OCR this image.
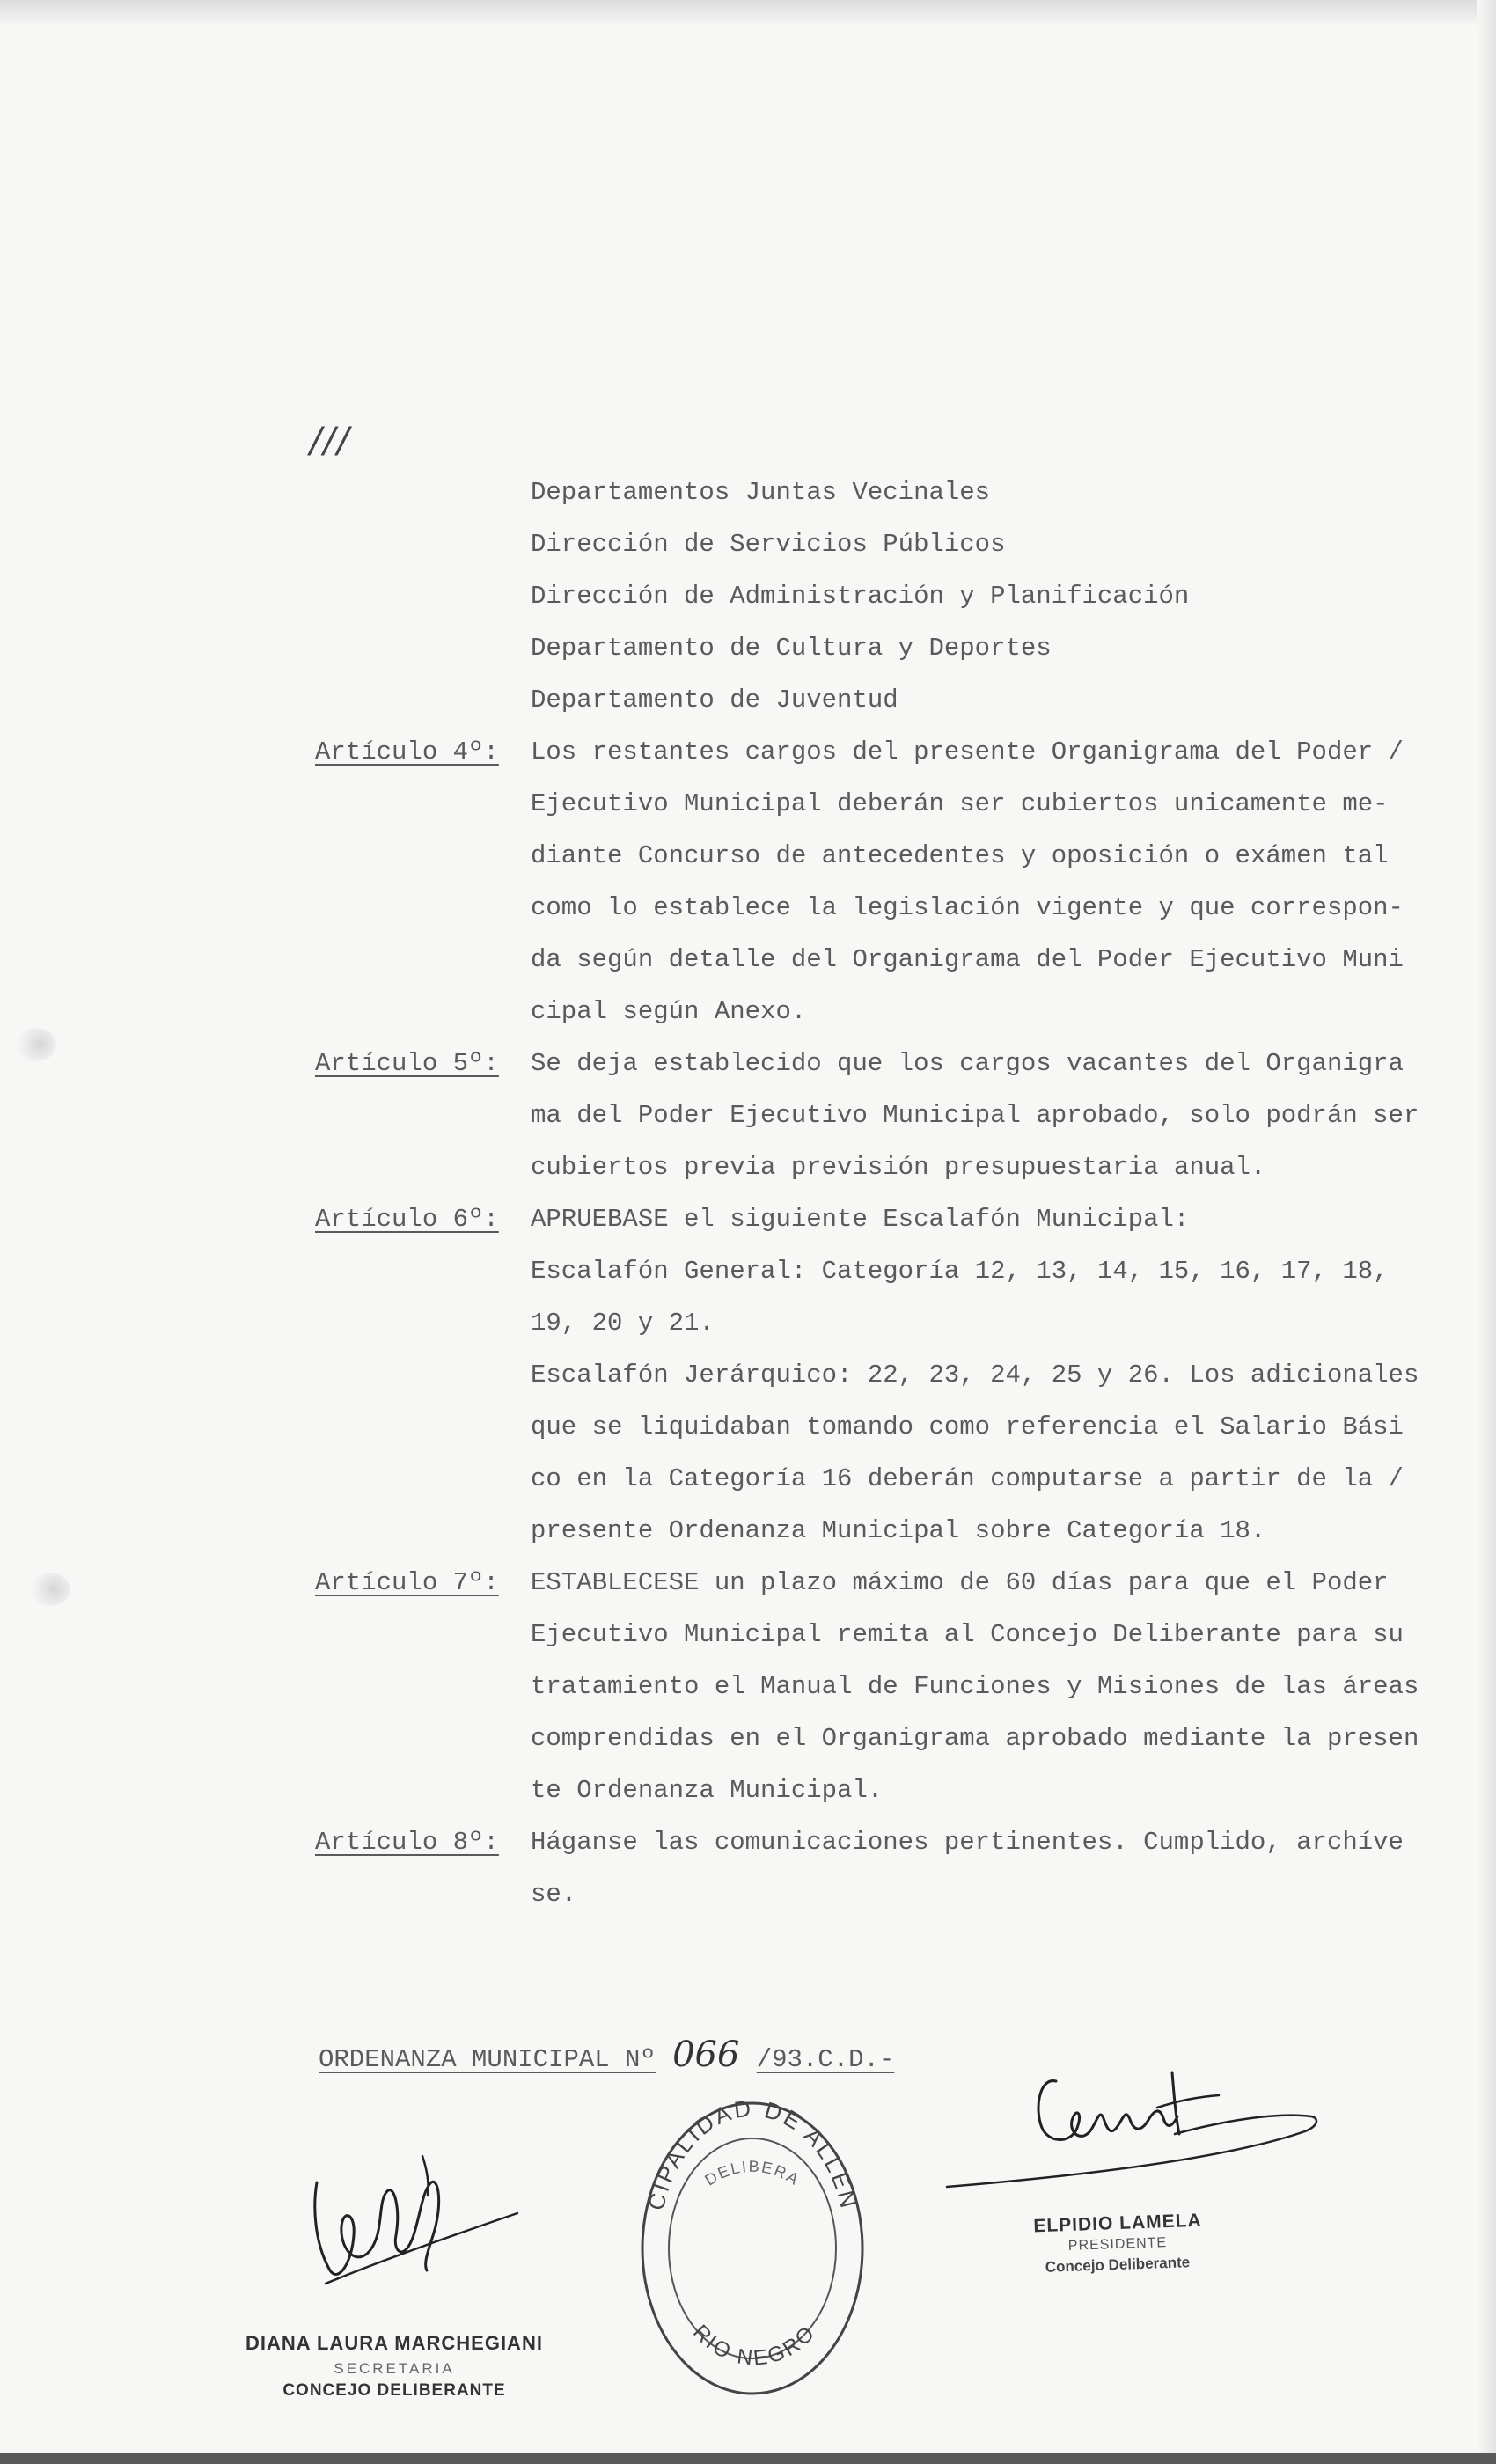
///
Departamentos Juntas Vecinales
Dirección de Servicios Públicos
Dirección de Administración y Planificación
Departamento de Cultura y Deportes
Departamento de Juventud
Artículo 4º:	Los restantes cargos del presente Organigrama del Poder /
Ejecutivo Municipal deberán ser cubiertos unicamente me-
diante Concurso de antecedentes y oposición o exámen tal
como lo establece la legislación vigente y que correspon-
da según detalle del Organigrama del Poder Ejecutivo Muni
cipal según Anexo.
Artículo 5º:	Se deja establecido que los cargos vacantes del Organigra
ma del Poder Ejecutivo Municipal aprobado, solo podrán ser
cubiertos previa previsión presupuestaria anual.
Artículo 6º:	APRUEBASE el siguiente Escalafón Municipal:
Escalafón General: Categoría 12, 13, 14, 15, 16, 17, 18,
19, 20 y 21.
Escalafón Jerárquico: 22, 23, 24, 25 y 26. Los adicionales
que se liquidaban tomando como referencia el Salario Bási
co en la Categoría 16 deberán computarse a partir de la /
presente Ordenanza Municipal sobre Categoría 18.
Artículo 7º:	ESTABLECESE un plazo máximo de 60 días para que el Poder
Ejecutivo Municipal remita al Concejo Deliberante para su
tratamiento el Manual de Funciones y Misiones de las áreas
comprendidas en el Organigrama aprobado mediante la presen
te Ordenanza Municipal.
Artículo 8º:	Háganse las comunicaciones pertinentes. Cumplido, archívе
se.
ORDENANZA MUNICIPAL Nº 066 /93.C.D.-
DIANA LAURA MARCHEGIANI
SECRETARIA
CONCEJO DELIBERANTE
CIPALIDAD DE ALLEN
DELIBERA
RIO NEGRO
ELPIDIO LAMELA
PRESIDENTE
Concejo Deliberante
